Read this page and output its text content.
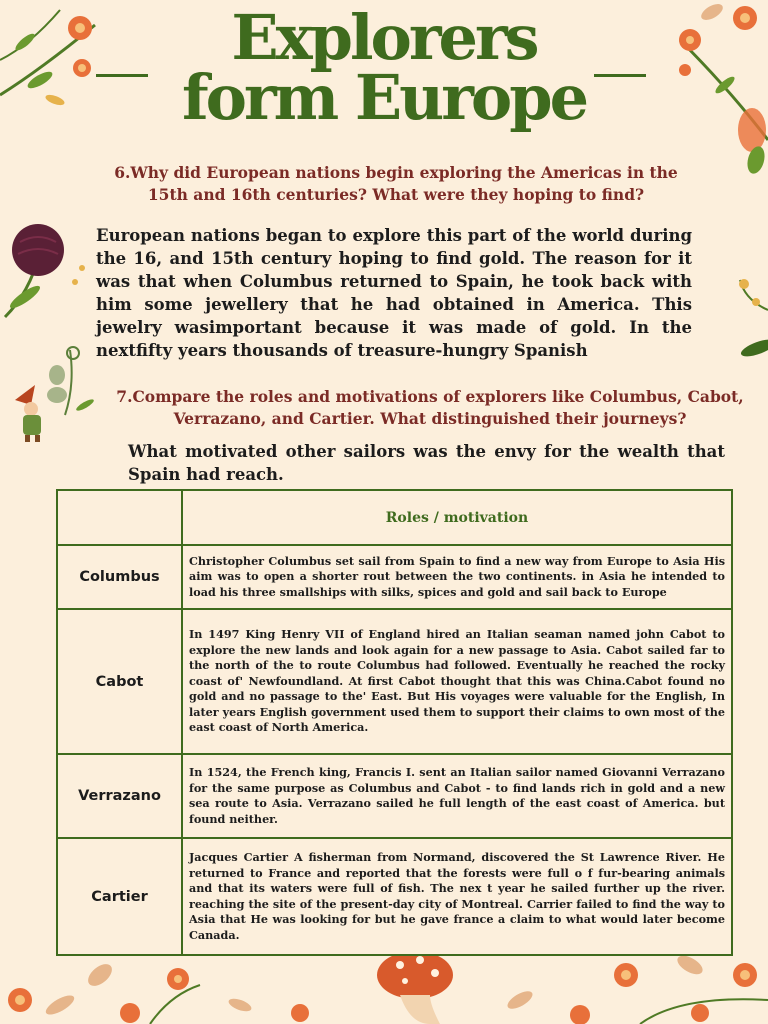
Explorers
form Europe
6.Why did European nations begin exploring the Americas in the 15th and 16th centuries? What were they hoping to find?
European nations began to explore this part of the world during the 16, and 15th century hoping to find gold. The reason for it was that when Columbus returned to Spain, he took back with him some jewellery that he had obtained in America. This jewelry wasimportant because it was made of gold. In the nextfifty years thousands of treasure-hungry Spanish
7.Compare the roles and motivations of explorers like Columbus, Cabot, Verrazano, and Cartier. What distinguished their journeys?
What motivated other sailors was the envy for the wealth that Spain had reach.
	Roles / motivation
Columbus	Christopher Columbus set sail from Spain to find a new way from Europe to Asia His aim was to open a shorter rout between the two continents. in Asia he intended to load his three smallships with silks, spices and gold and sail back to Europe
Cabot	In 1497 King Henry VII of England hired an Italian seaman named john Cabot to explore the new lands and look again for a new passage to Asia. Cabot sailed far to the north of the to route Columbus had followed. Eventually he reached the rocky coast of' Newfoundland. At first Cabot thought that this was China.Cabot found no gold and no passage to the' East. But His voyages were valuable for the English, In later years English government used them to support their claims to own most of the east coast of North America.
Verrazano	In 1524, the French king, Francis I. sent an Italian sailor named Giovanni Verrazano for the same purpose as Columbus and Cabot - to find lands rich in gold and a new sea route to Asia. Verrazano sailed he full length of the east coast of America. but found neither.
Cartier	Jacques Cartier A fisherman from Normand, discovered the St Lawrence River. He returned to France and reported that the forests were full o f fur-bearing animals and that its waters were full of fish. The nex t year he sailed further up the river. reaching the site of the present-day city of Montreal. Carrier failed to find the way to Asia that He was looking for but he gave france a claim to what would later become Canada.
